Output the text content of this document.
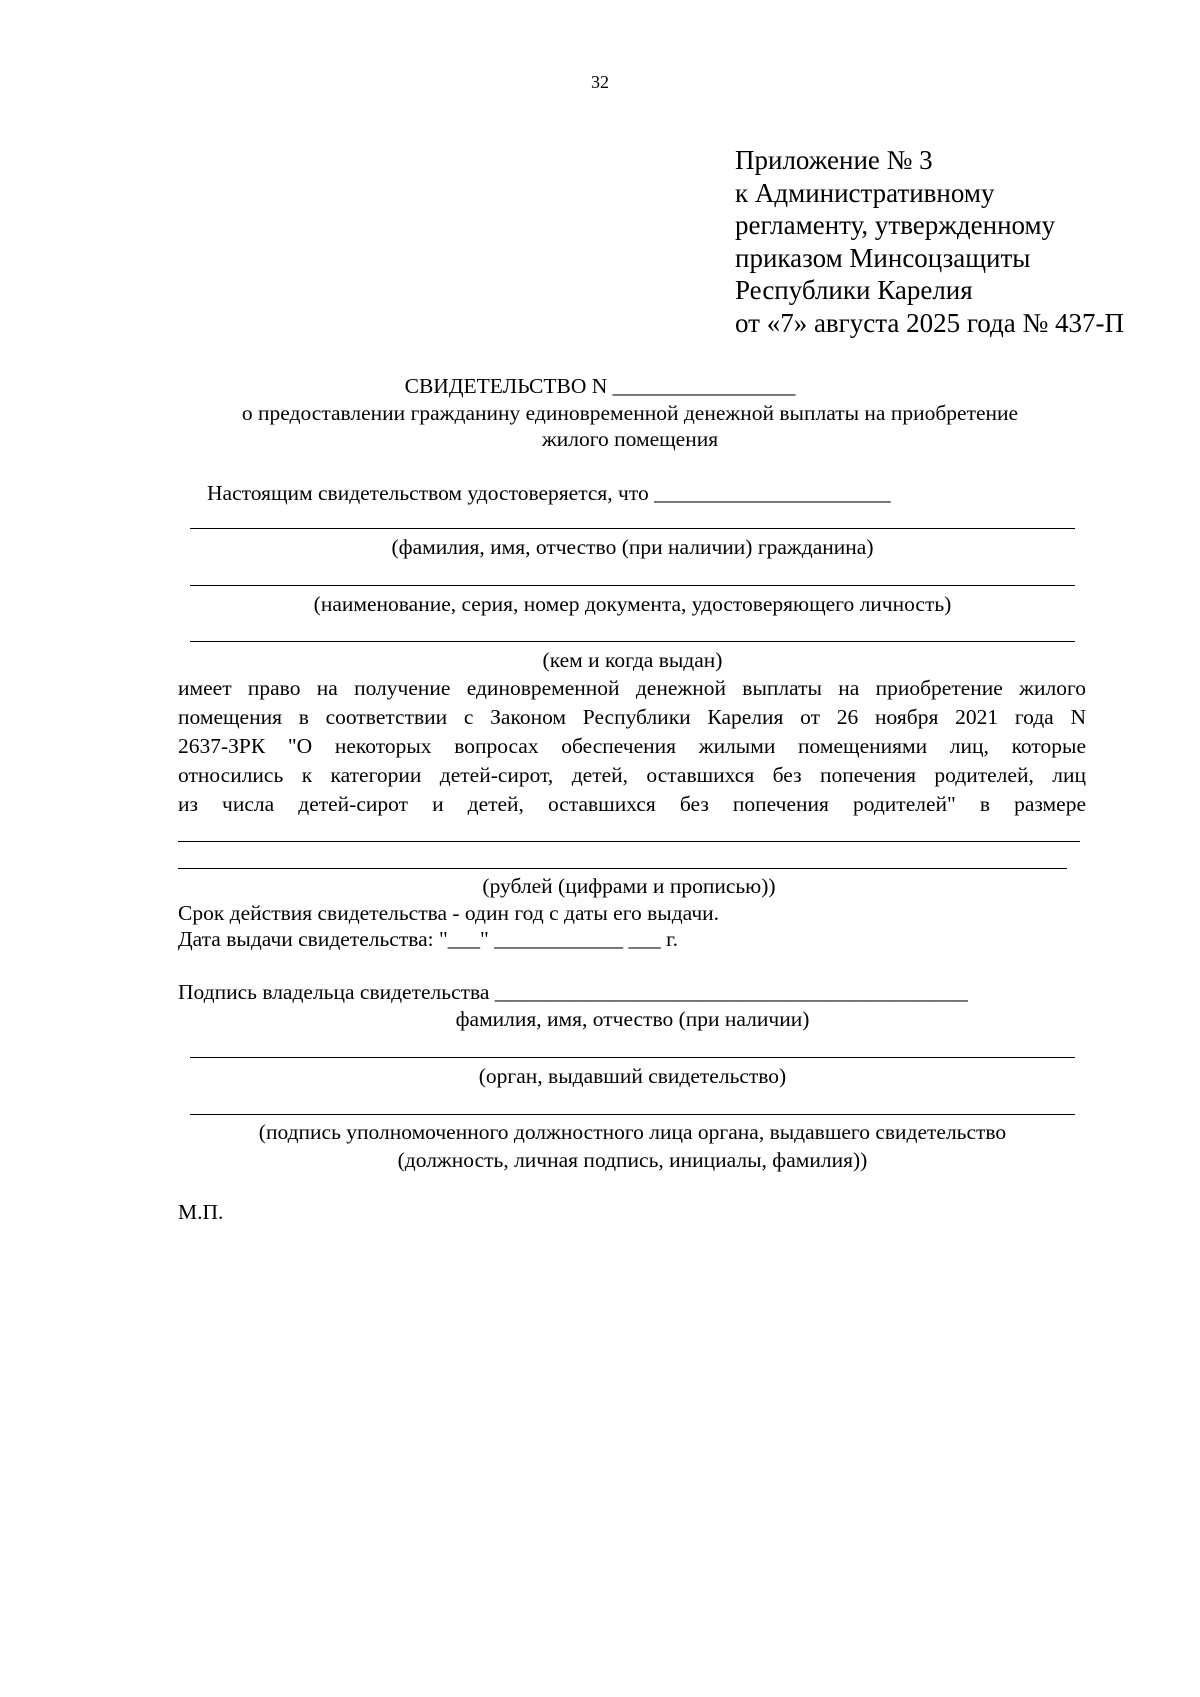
32
Приложение № 3
к Административному
регламенту, утвержденному
приказом Минсоцзащиты
Республики Карелия
от «7» августа 2025 года № 437-П
СВИДЕТЕЛЬСТВО N _________________
о предоставлении гражданину единовременной денежной выплаты на приобретение
жилого помещения
Настоящим свидетельством удостоверяется, что ______________________
(фамилия, имя, отчество (при наличии) гражданина)
(наименование, серия, номер документа, удостоверяющего личность)
(кем и когда выдан)
имеет право на получение единовременной денежной выплаты на приобретение жилого
помещения в соответствии с Законом Республики Карелия от 26 ноября 2021 года N
2637-ЗРК "О некоторых вопросах обеспечения жилыми помещениями лиц, которые
относились к категории детей-сирот, детей, оставшихся без попечения родителей, лиц
из числа детей-сирот и детей, оставшихся без попечения родителей" в размере
(рублей (цифрами и прописью))
Срок действия свидетельства - один год с даты его выдачи.
Дата выдачи свидетельства: "___" ____________ ___ г.
Подпись владельца свидетельства ____________________________________________
фамилия, имя, отчество (при наличии)
(орган, выдавший свидетельство)
(подпись уполномоченного должностного лица органа, выдавшего свидетельство
(должность, личная подпись, инициалы, фамилия))
М.П.
